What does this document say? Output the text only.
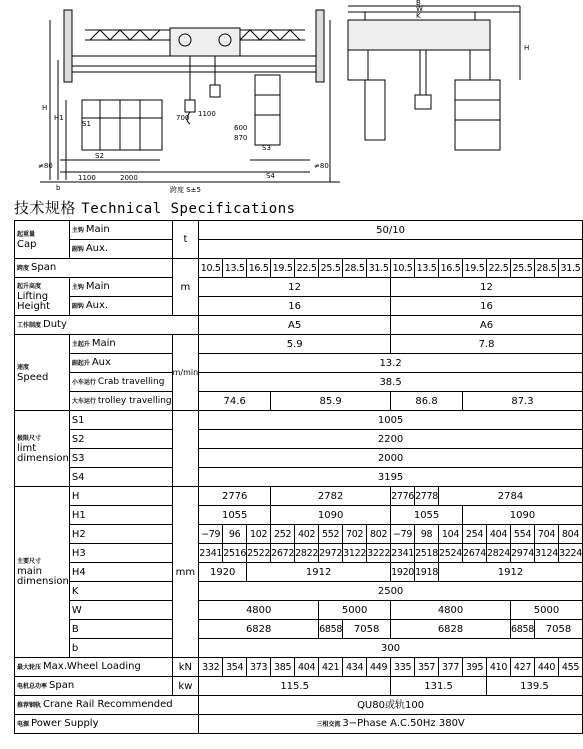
S1
S2
1100	2000
≠80
b
H
H1	700 1100
870
600
S3
S4
≠80
跨度 S±5
B
W
K
H
技术规格 Technical Specifications
起重量
Cap	主钩 Main	t	50/10															
	副钩 Aux.																	
跨度 Span		m	10.5	13.5	16.5	19.5	22.5	25.5	28.5	31.5	10.5	13.5	16.5	19.5	22.5	25.5	28.5	31.5

起升高度
Lifting
Height	主钩 Main		12								12							
	副钩 Aux.		16								16							
工作制度 Duty			A5								A6							

速度
Speed	主起升 Main	m/min	5.9								7.8							
	副起升 Aux		13.2															
	小车运行 Crab travelling		38.5															
	大车运行 trolley travelling		74.6			85.9					86.8			87.3				

极限尺寸
limt
dimension	S1		1005															
	S2		2200															
	S3		2000															
	S4		3195															

主要尺寸
main
dimension	H	mm	2776			2782					2776	2778	2784					
	H1		1055			1090					1055			1090				
	H2		−79	96	102	252	402	552	702	802	−79	98	104	254	404	554	704	804
	H3		2341	2516	2522	2672	2822	2972	3122	3222	2341	2518	2524	2674	2824	2974	3124	3224
	H4		1920		1912						1920	1918	1912					
	K		2500															
	W		4800					5000			4800					5000		
	B		6828					6858	7058		6828					6858	7058	
	b		300															
最大轮压 Max.Wheel Loading		kN	332	354	373	385	404	421	434	449	335	357	377	395	410	427	440	455
电机总功率 Span		kw	115.5								131.5				139.5			
推荐钢轨 Crane Rail Recommended			QU80或轨100															
电源 Power Supply			三相交流 3−Phase A.C.50Hz 380V															
